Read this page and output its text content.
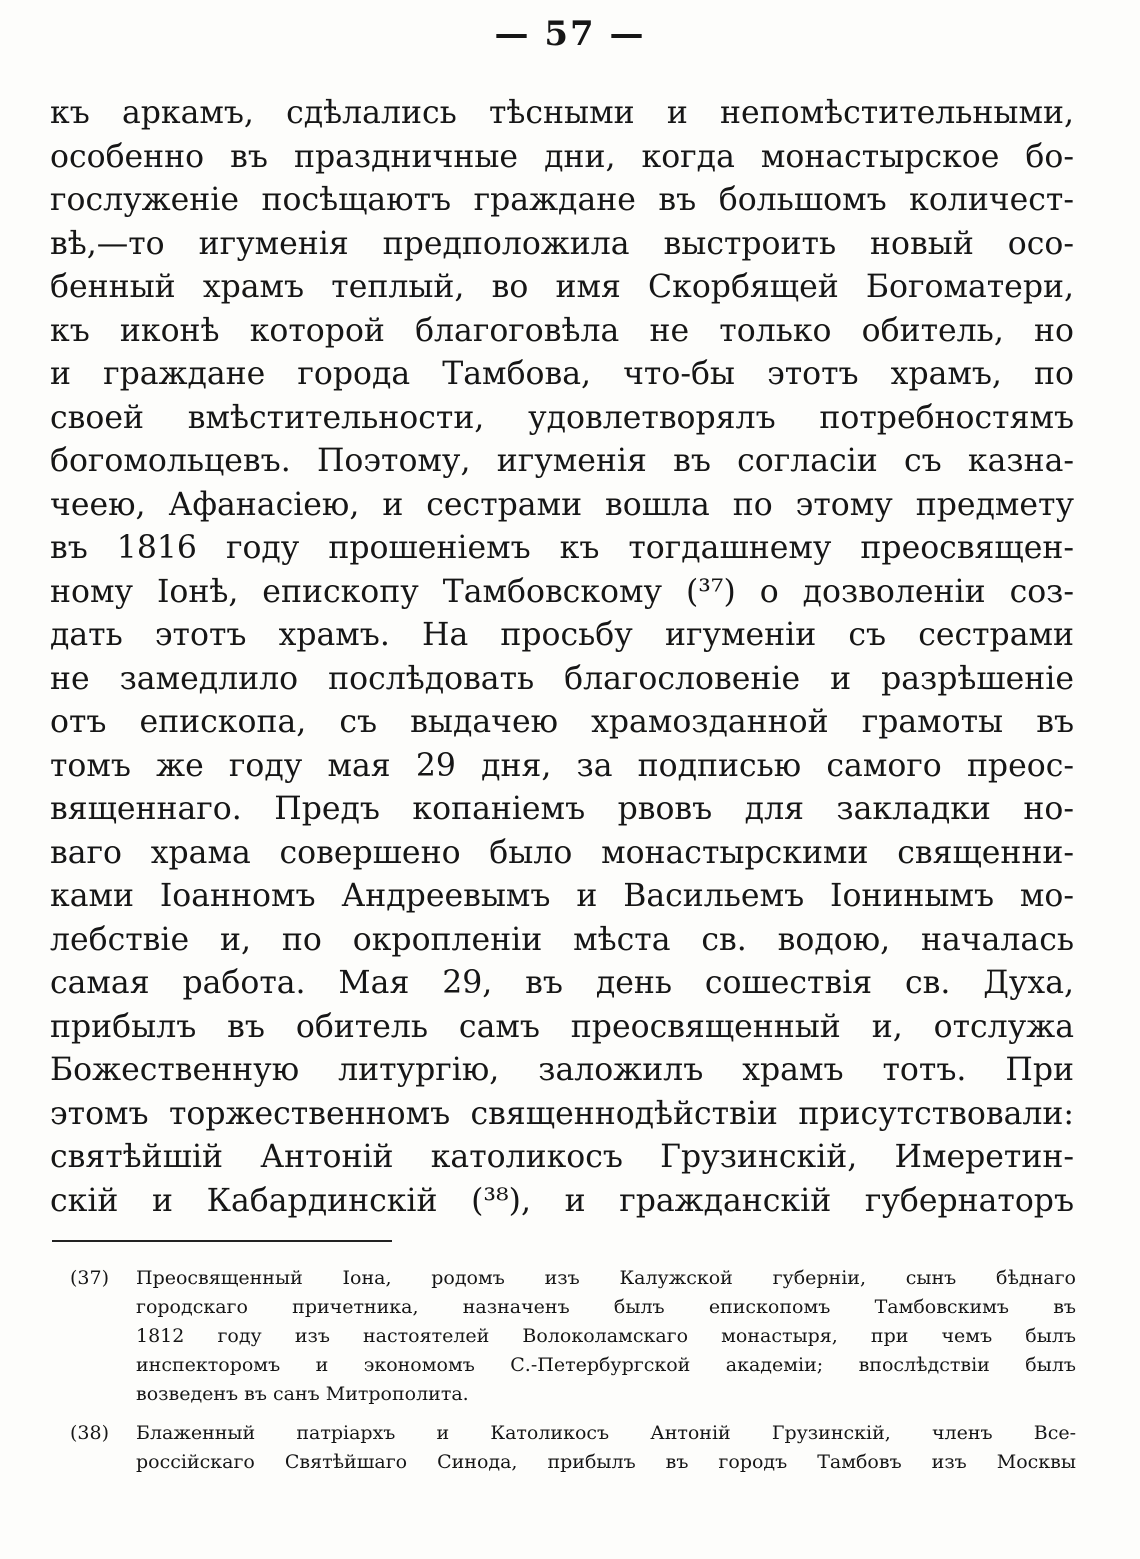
— 57 —
къ аркамъ, сдѣлались тѣсными и непомѣстительными,
особенно въ праздничные дни, когда монастырское бо-
гослуженіе посѣщаютъ граждане въ большомъ количест-
вѣ,—то игуменія предположила выстроить новый осо-
бенный храмъ теплый, во имя Скорбящей Богоматери,
къ иконѣ которой благоговѣла не только обитель, но
и граждане города Тамбова, что-бы этотъ храмъ, по
своей вмѣстительности, удовлетворялъ потребностямъ
богомольцевъ. Поэтому, игуменія въ согласіи съ казна-
чеею, Афанасіею, и сестрами вошла по этому предмету
въ 1816 году прошеніемъ къ тогдашнему преосвящен-
ному Іонѣ, епископу Тамбовскому (³⁷) о дозволеніи соз-
дать этотъ храмъ. На просьбу игуменіи съ сестрами
не замедлило послѣдовать благословеніе и разрѣшеніе
отъ епископа, съ выдачею храмозданной грамоты въ
томъ же году мая 29 дня, за подписью самого преос-
вященнаго. Предъ копаніемъ рвовъ для закладки но-
ваго храма совершено было монастырскими священни-
ками Іоанномъ Андреевымъ и Васильемъ Іонинымъ мо-
лебствіе и, по окропленіи мѣста св. водою, началась
самая работа. Мая 29, въ день сошествія св. Духа,
прибылъ въ обитель самъ преосвященный и, отслужа
Божественную литургію, заложилъ храмъ тотъ. При
этомъ торжественномъ священнодѣйствіи присутствовали:
святѣйшій Антоній католикосъ Грузинскій, Имеретин-
скій и Кабардинскій (³⁸), и гражданскій губернаторъ
(37) Преосвященный Іона, родомъ изъ Калужской губерніи, сынъ бѣднаго
городскаго причетника, назначенъ былъ епископомъ Тамбовскимъ въ
1812 году изъ настоятелей Волоколамскаго монастыря, при чемъ былъ
инспекторомъ и экономомъ С.-Петербургской академіи; впослѣдствіи былъ
возведенъ въ санъ Митрополита.
(38) Блаженный патріархъ и Католикосъ Антоній Грузинскій, членъ Все-
россійскаго Святѣйшаго Синода, прибылъ въ городъ Тамбовъ изъ Москвы
